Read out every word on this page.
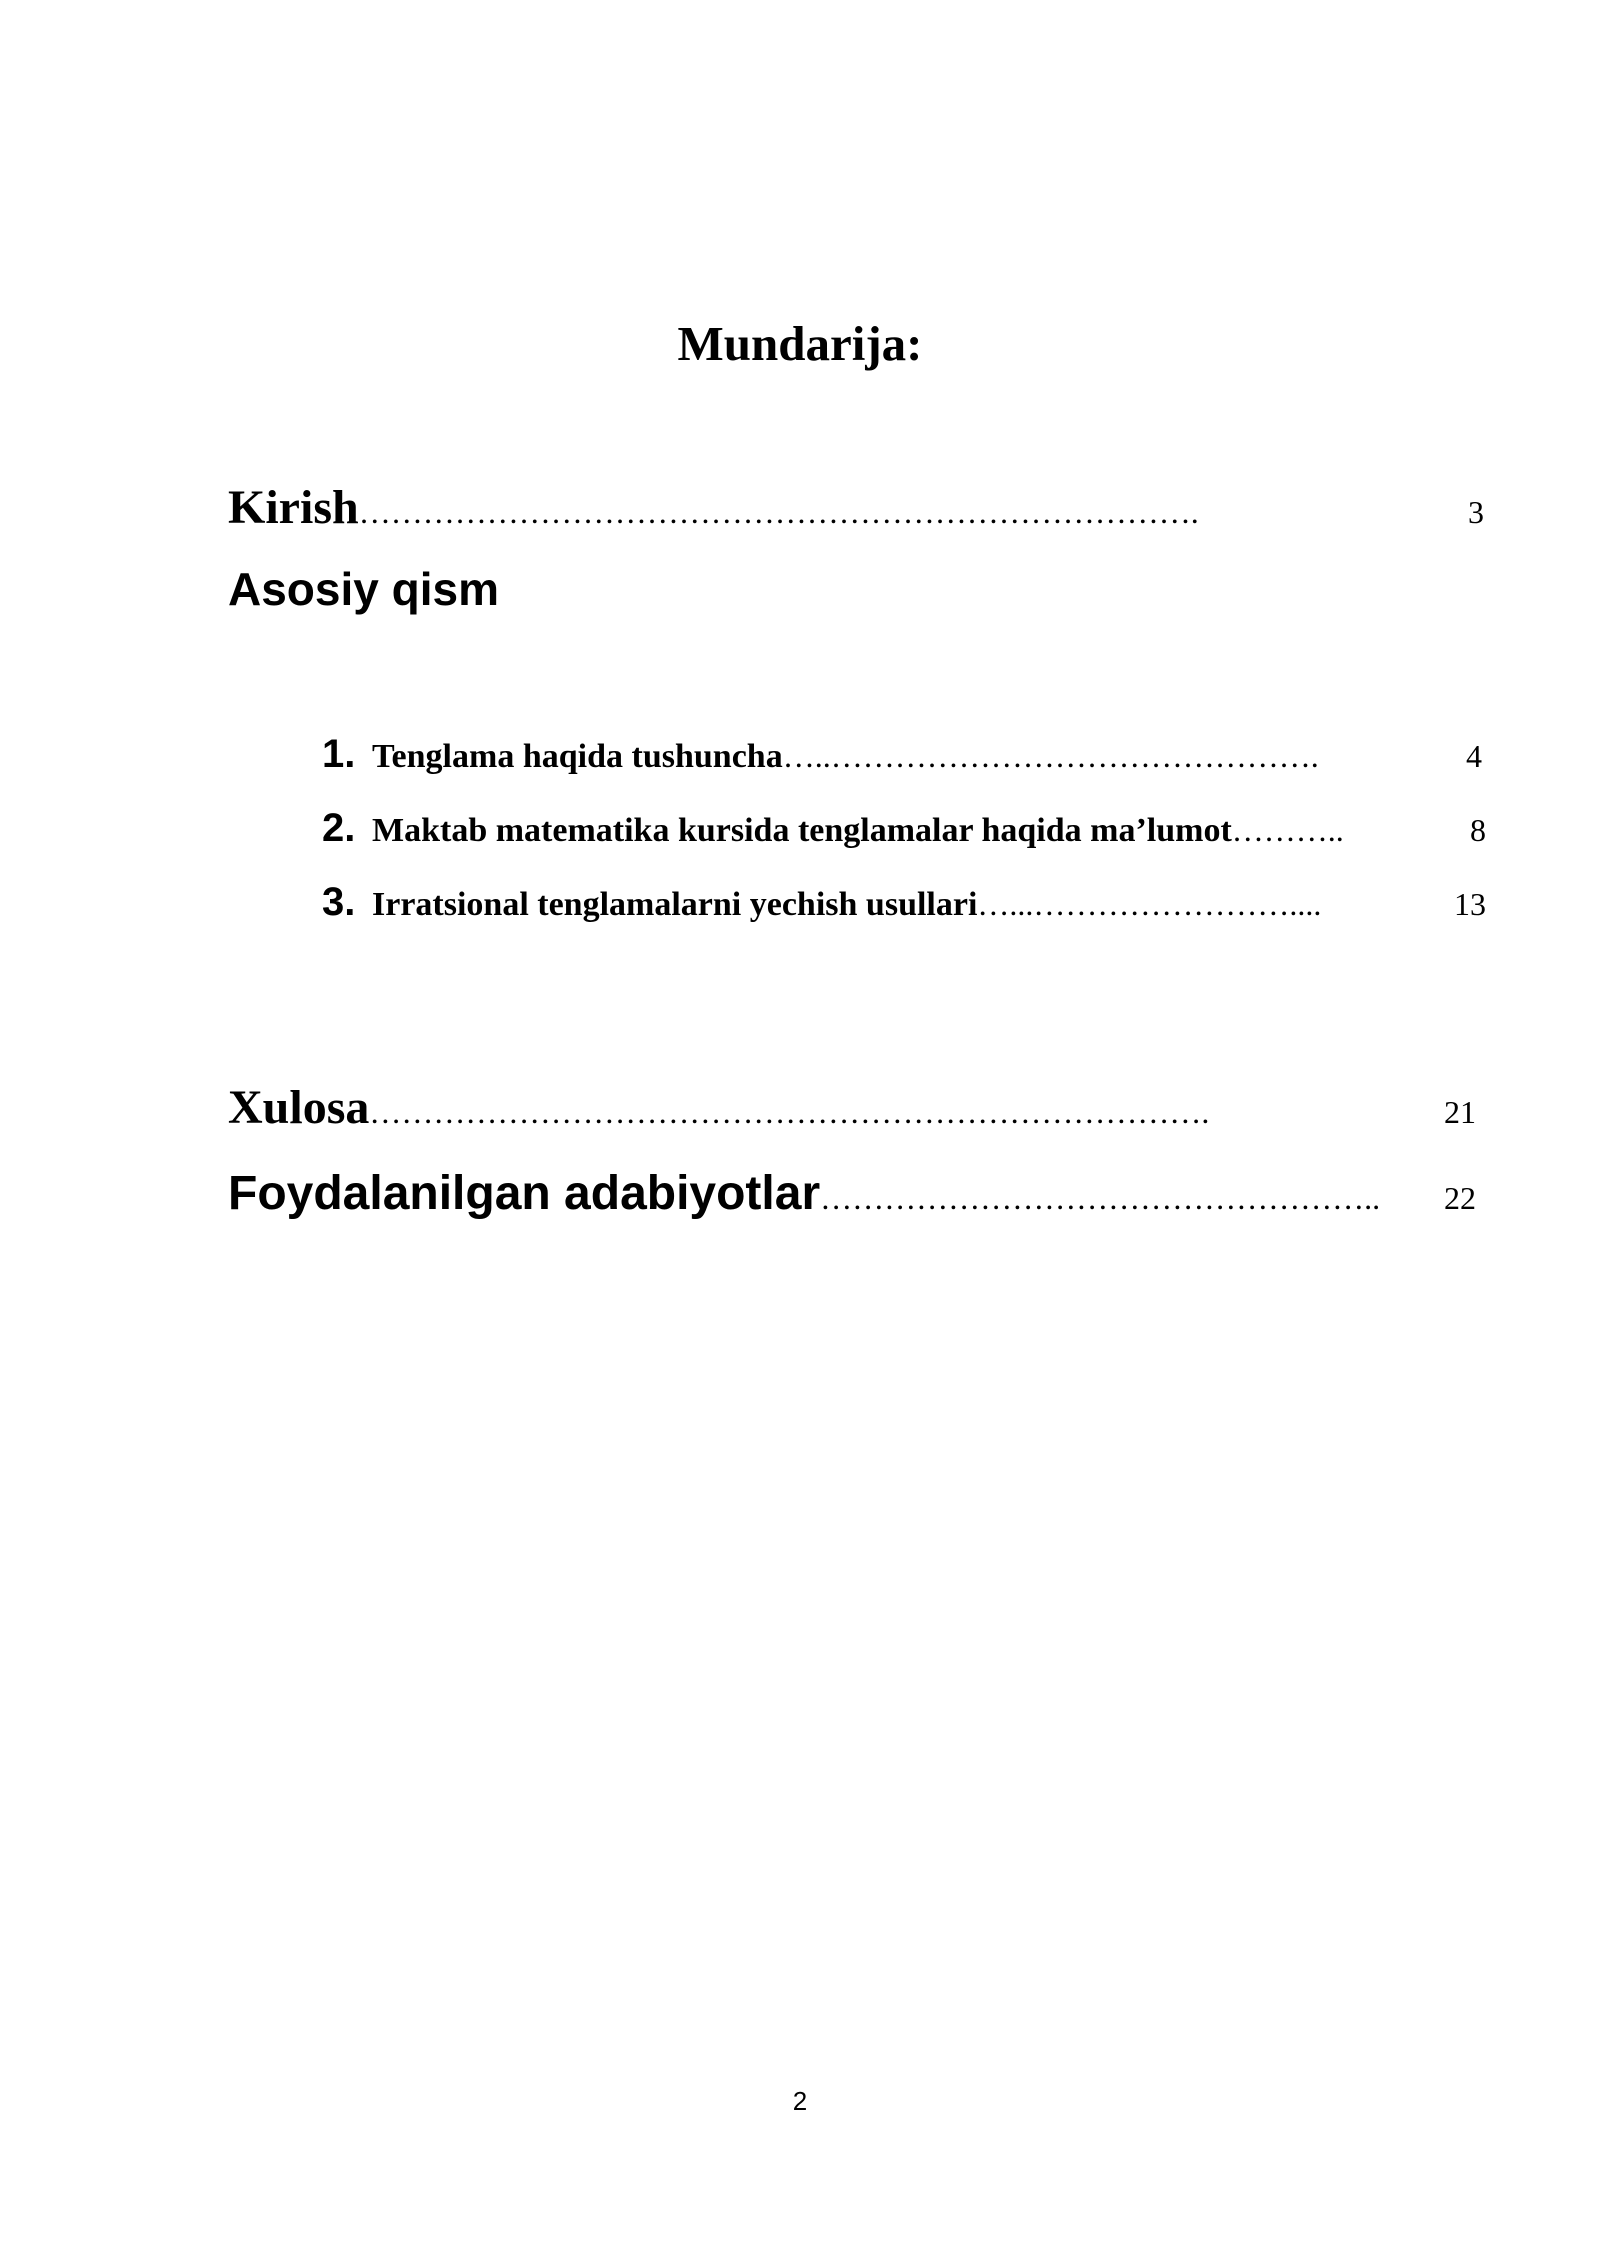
Mundarija:
Kirish …………………………………………………………………….	3
Asosiy qism
1. Tenglama haqida tushuncha …..……………………………………….	4
2. Maktab matematika kursida tenglamalar haqida ma’lumot ………..	8
3. Irratsional tenglamalarni yechish usullari …...……………………....	13
Xulosa …………………………………………………………………….	21
Foydalanilgan adabiyotlar ……………………………………………..	22
2
